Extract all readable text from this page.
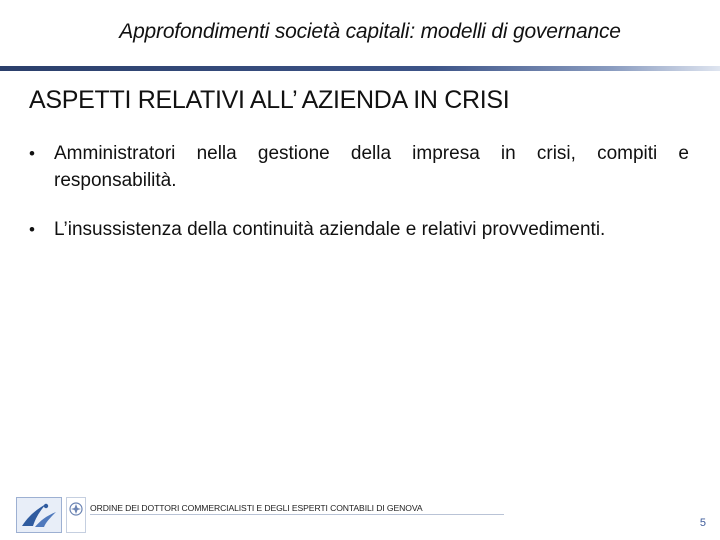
Approfondimenti società capitali: modelli di governance
ASPETTI RELATIVI ALL’ AZIENDA IN CRISI
• Amministratori nella gestione della impresa in crisi, compiti e responsabilità.
• L’insussistenza della continuità aziendale e relativi provvedimenti.
ORDINE DEI DOTTORI COMMERCIALISTI E DEGLI ESPERTI CONTABILI DI GENOVA
5
